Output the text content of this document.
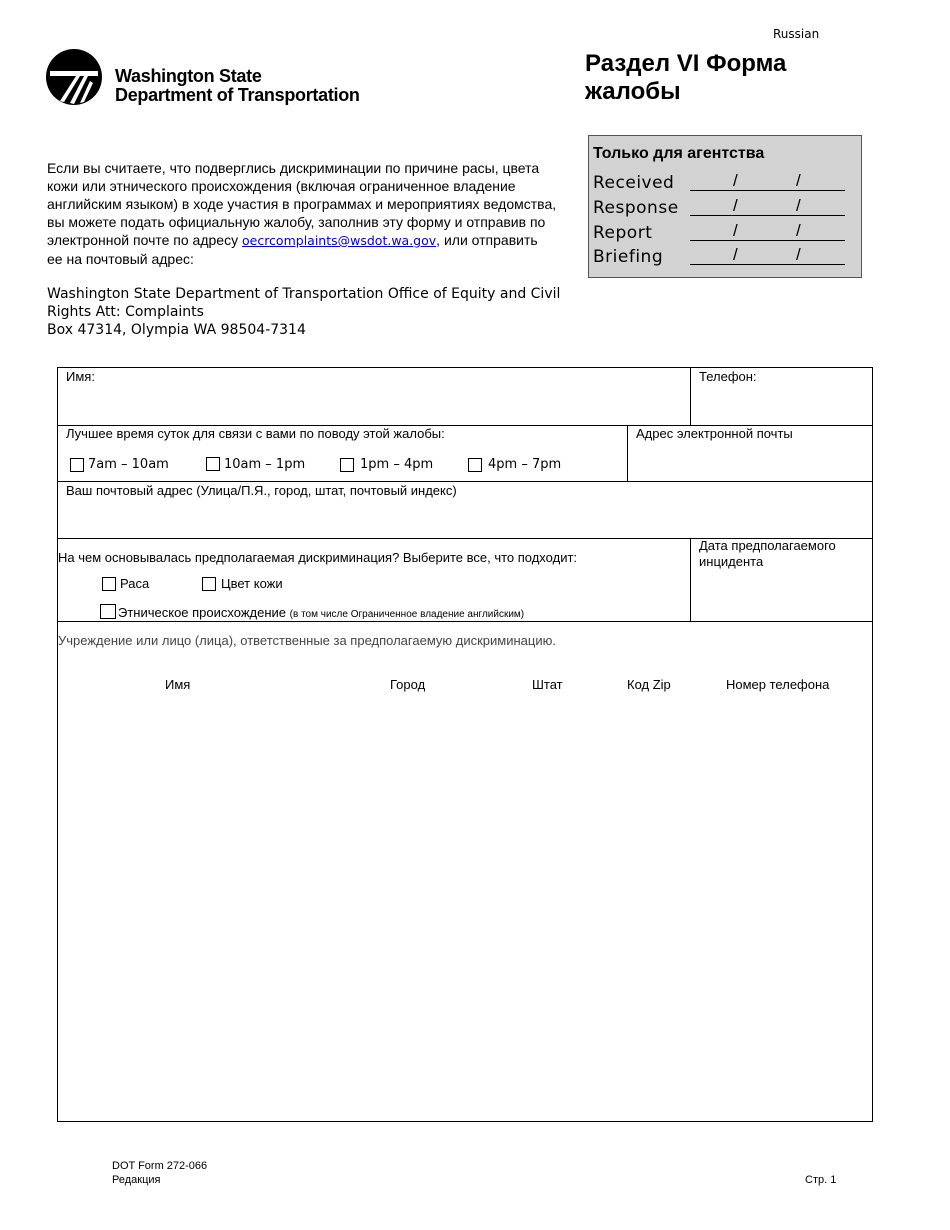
Russian
Washington State
Department of Transportation
Раздел VI Форма жалобы
Только для агентства
Received	/	/
Response	/	/
Report	/	/
Briefing	/	/
Если вы считаете, что подверглись дискриминации по причине расы, цвета кожи или этнического происхождения (включая ограниченное владение английским языком) в ходе участия в программах и мероприятиях ведомства, вы можете подать официальную жалобу, заполнив эту форму и отправив по электронной почте по адресу oecrcomplaints@wsdot.wa.gov, или отправить ее на почтовый адрес:
Washington State Department of Transportation Office of Equity and Civil
Rights Att: Complaints
Box 47314, Olympia WA 98504-7314
Имя:	Телефон:
Лучшее время суток для связи с вами по поводу этой жалобы:
7am – 10am	10am – 1pm	1pm – 4pm	4pm – 7pm
Адрес электронной почты
Ваш почтовый адрес (Улица/П.Я., город, штат, почтовый индекс)
На чем основывалась предполагаемая дискриминация? Выберите все, что подходит:
Раса	Цвет кожи
Этническое происхождение (в том числе Ограниченное владение английским)
Дата предполагаемого инцидента
Учреждение или лицо (лица), ответственные за предполагаемую дискриминацию.
Имя	Город	Штат	Код Zip	Номер телефона
DOT Form 272-066
Редакция	Стр. 1
